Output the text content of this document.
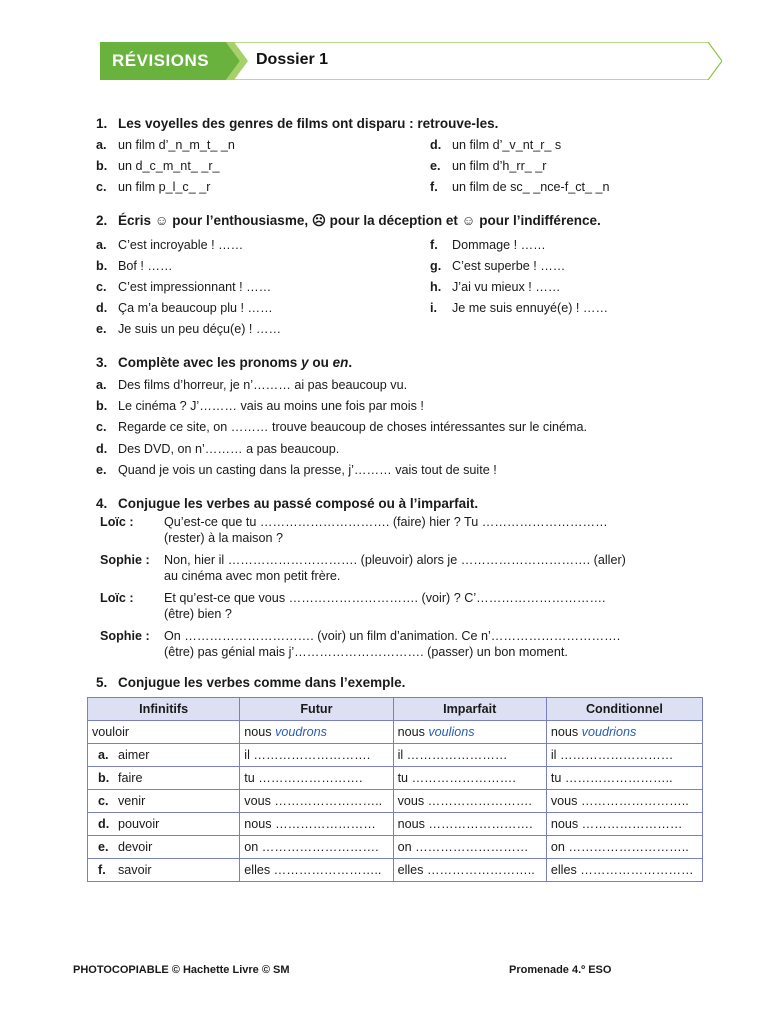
RÉVISIONS	Dossier 1
1. Les voyelles des genres de films ont disparu : retrouve-les.
a. un film d’_n_m_t_ _n
b. un d_c_m_nt_ _r_
c. un film p_l_c_ _r
d. un film d’_v_nt_r_ s
e. un film d’h_rr_ _r
f. un film de sc_ _nce-f_ct_ _n
2. Écris ☺ pour l’enthousiasme, ☹ pour la déception et ☺ pour l’indifférence.
a. C’est incroyable ! ……
b. Bof ! ……
c. C’est impressionnant ! ……
d. Ça m’a beaucoup plu ! ……
e. Je suis un peu déçu(e) ! ……
f. Dommage ! ……
g. C’est superbe ! ……
h. J’ai vu mieux ! ……
i. Je me suis ennuyé(e) ! ……
3. Complète avec les pronoms y ou en.
a. Des films d’horreur, je n’……… ai pas beaucoup vu.
b. Le cinéma ? J’……… vais au moins une fois par mois !
c. Regarde ce site, on ……… trouve beaucoup de choses intéressantes sur le cinéma.
d. Des DVD, on n’……… a pas beaucoup.
e. Quand je vois un casting dans la presse, j’……… vais tout de suite !
4. Conjugue les verbes au passé composé ou à l’imparfait.
Loïc : Qu’est-ce que tu …………………………. (faire) hier ? Tu …………………………
(rester) à la maison ?
Sophie : Non, hier il …………………………. (pleuvoir) alors je …………………………. (aller)
au cinéma avec mon petit frère.
Loïc : Et qu’est-ce que vous …………………………. (voir) ? C’………………………….
(être) bien ?
Sophie : On …………………………. (voir) un film d’animation. Ce n’………………………….
(être) pas génial mais j’…………………………. (passer) un bon moment.
5. Conjugue les verbes comme dans l’exemple.
Infinitifs	Futur	Imparfait	Conditionnel
vouloir	nous voudrons	nous voulions	nous voudrions
a. aimer	il ……………………….	il ……………………	il ………………………
b. faire	tu …………………….	tu …………………….	tu ……………………..
c. venir	vous ……………………..	vous …………………….	vous ……………………..
d. pouvoir	nous ……………………	nous …………………….	nous ……………………
e. devoir	on ……………………….	on ………………………	on ………………………..
f. savoir	elles ……………………..	elles ……………………..	elles ………………………
PHOTOCOPIABLE © Hachette Livre © SM	Promenade 4.º ESO
